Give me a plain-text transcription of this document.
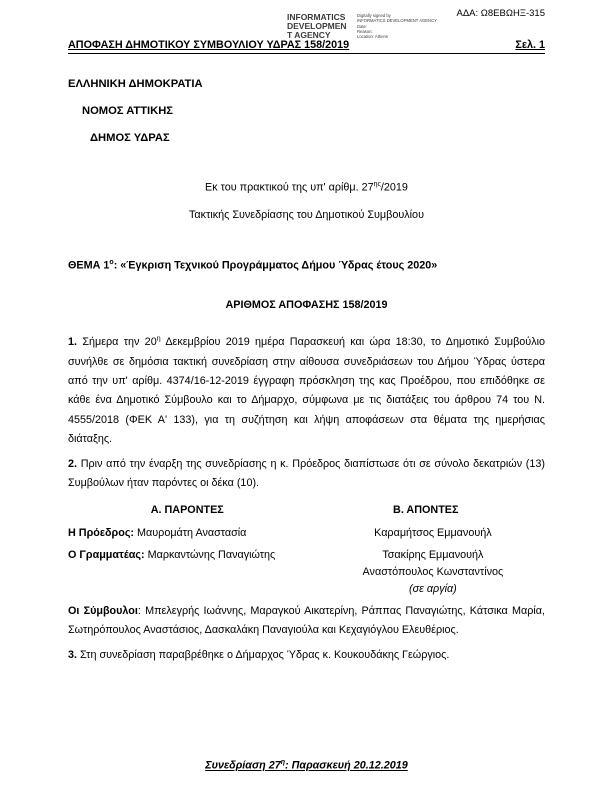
ΑΔΑ: Ω8ΕΒΩΗΞ-315
INFORMATICS
DEVELOPMEN
T AGENCY
Digitally signed by
INFORMATICS DEVELOPMENT AGENCY
Date:
Reason:
Location: Athens
ΑΠΟΦΑΣΗ ΔΗΜΟΤΙΚΟΥ ΣΥΜΒΟΥΛΙΟΥ ΥΔΡΑΣ 158/2019	Σελ. 1
ΕΛΛΗΝΙΚΗ ΔΗΜΟΚΡΑΤΙΑ
ΝΟΜΟΣ ΑΤΤΙΚΗΣ
ΔΗΜΟΣ ΥΔΡΑΣ
Εκ του πρακτικού της υπ' αρίθμ. $27^{\eta\varsigma}/2019$
Τακτικής Συνεδρίασης του Δημοτικού Συμβουλίου
ΘΕΜΑ $1^o$: «Έγκριση Τεχνικού Προγράμματος Δήμου Ύδρας έτους 2020»
ΑΡΙΘΜΟΣ ΑΠΟΦΑΣΗΣ 158/2019
1. Σήμερα την $20^\eta$ Δεκεμβρίου 2019 ημέρα Παρασκευή και ώρα 18:30, το Δημοτικό Συμβούλιο συνήλθε σε δημόσια τακτική συνεδρίαση στην αίθουσα συνεδριάσεων του Δήμου Ύδρας ύστερα από την υπ' αρίθμ. 4374/16-12-2019 έγγραφη πρόσκληση της κας Προέδρου, που επιδόθηκε σε κάθε ένα Δημοτικό Σύμβουλο και το Δήμαρχο, σύμφωνα με τις διατάξεις του άρθρου 74 του Ν. 4555/2018 (ΦΕΚ Α' 133), για τη συζήτηση και λήψη αποφάσεων στα θέματα της ημερήσιας διάταξης.
2. Πριν από την έναρξη της συνεδρίασης η κ. Πρόεδρος διαπίστωσε ότι σε σύνολο δεκατριών (13) Συμβούλων ήταν παρόντες οι δέκα (10).
Α. ΠΑΡΟΝΤΕΣ	Β. ΑΠΟΝΤΕΣ
Η Πρόεδρος: Μαυρομάτη Αναστασία	Καραμήτσος Εμμανουήλ
Ο Γραμματέας: Μαρκαντώνης Παναγιώτης	Τσακίρης Εμμανουήλ
Αναστόπουλος Κωνσταντίνος
(σε αργία)
Οι Σύμβουλοι: Μπελεγρής Ιωάννης, Μαραγκού Αικατερίνη, Ράππας Παναγιώτης, Κάτσικα Μαρία, Σωτηρόπουλος Αναστάσιος, Δασκαλάκη Παναγιούλα και Κεχαγιόγλου Ελευθέριος.
3. Στη συνεδρίαση παραβρέθηκε ο Δήμαρχος Ύδρας κ. Κουκουδάκης Γεώργιος.
Συνεδρίαση $27^\eta$: Παρασκευή 20.12.2019
